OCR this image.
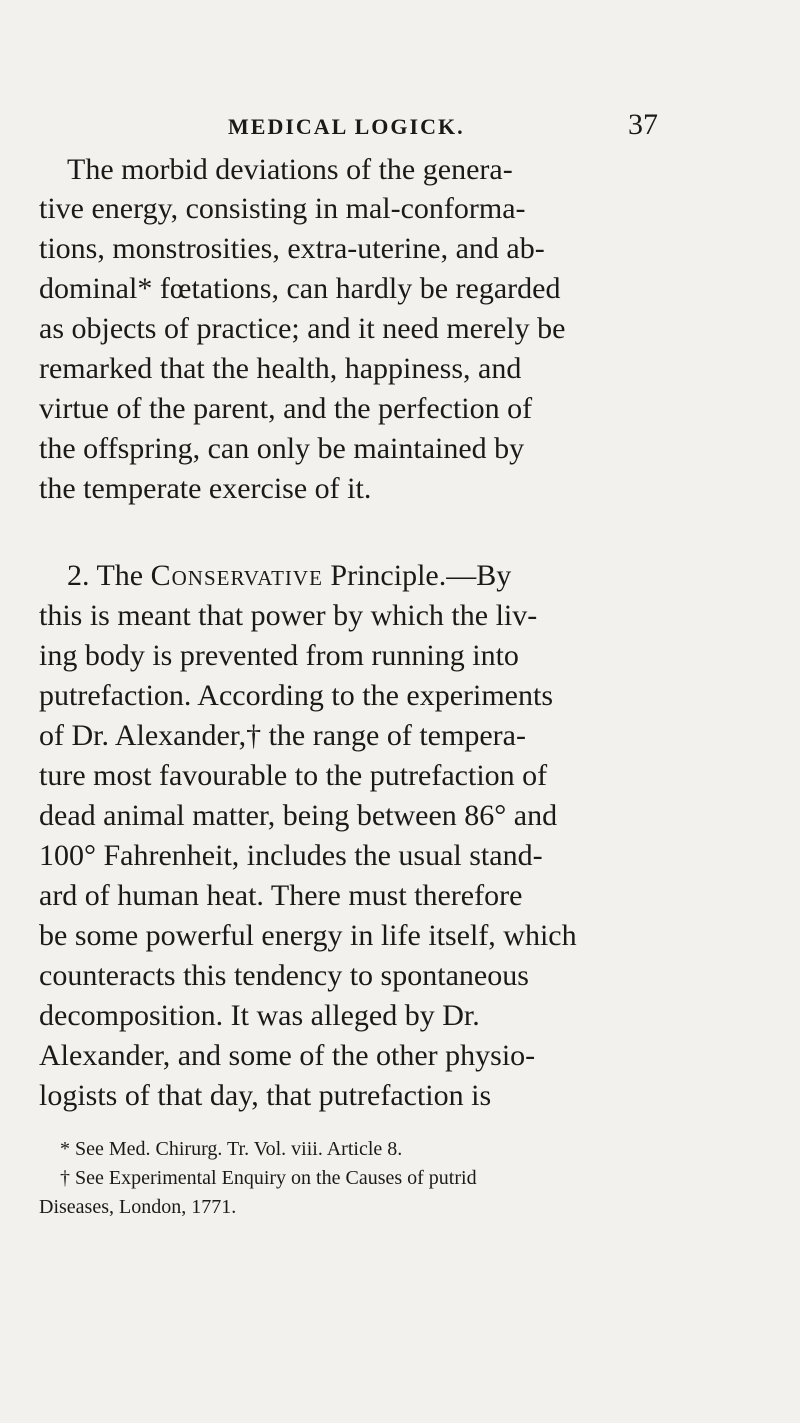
MEDICAL LOGICK.	37
The morbid deviations of the genera-
tive energy, consisting in mal-conforma-
tions, monstrosities, extra-uterine, and ab-
dominal* fœtations, can hardly be regarded
as objects of practice; and it need merely be
remarked that the health, happiness, and
virtue of the parent, and the perfection of
the offspring, can only be maintained by
the temperate exercise of it.
2. The Conservative Principle.—By
this is meant that power by which the liv-
ing body is prevented from running into
putrefaction. According to the experiments
of Dr. Alexander,† the range of tempera-
ture most favourable to the putrefaction of
dead animal matter, being between 86° and
100° Fahrenheit, includes the usual stand-
ard of human heat. There must therefore
be some powerful energy in life itself, which
counteracts this tendency to spontaneous
decomposition. It was alleged by Dr.
Alexander, and some of the other physio-
logists of that day, that putrefaction is
* See Med. Chirurg. Tr. Vol. viii. Article 8.
† See Experimental Enquiry on the Causes of putrid
Diseases, London, 1771.
